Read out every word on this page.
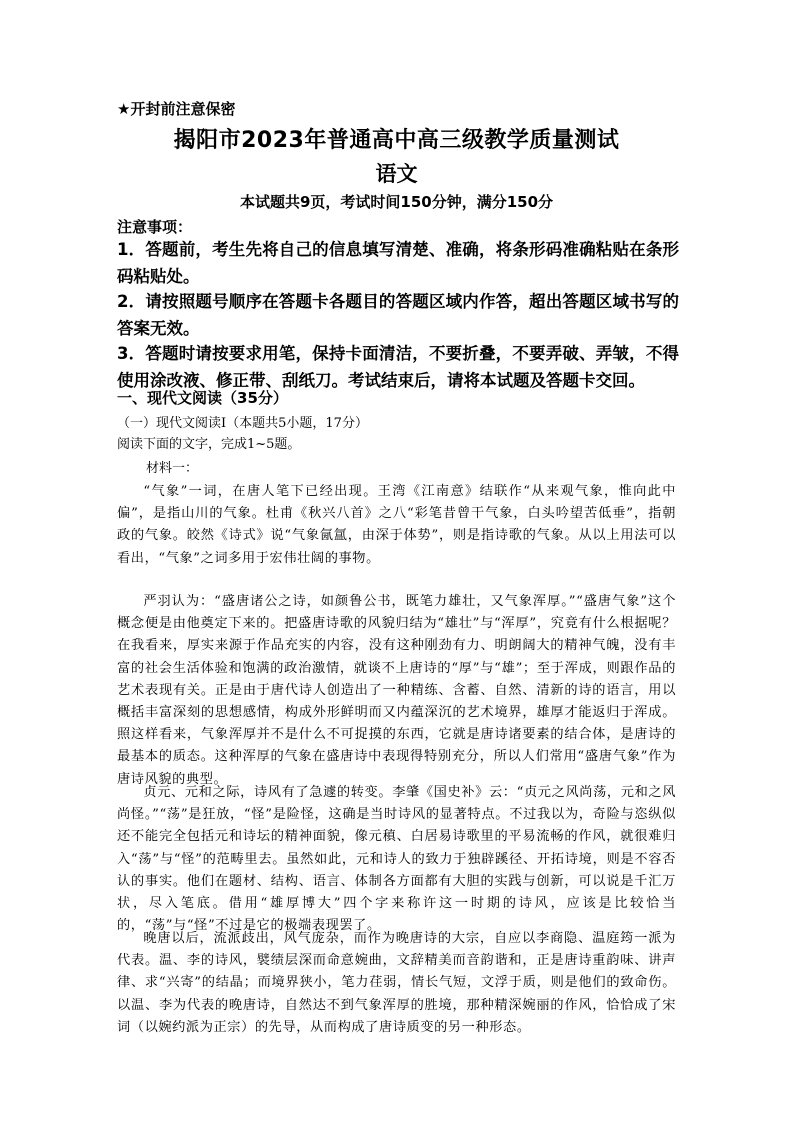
★开封前注意保密
揭阳市2023年普通高中高三级教学质量测试
语文
本试题共9页，考试时间150分钟，满分150分
注意事项：
1．答题前，考生先将自己的信息填写清楚、准确，将条形码准确粘贴在条形码粘贴处。
2．请按照题号顺序在答题卡各题目的答题区域内作答，超出答题区域书写的答案无效。
3．答题时请按要求用笔，保持卡面清洁，不要折叠，不要弄破、弄皱，不得使用涂改液、修正带、刮纸刀。考试结束后，请将本试题及答题卡交回。
一、现代文阅读（35分）
（一）现代文阅读Ⅰ（本题共5小题，17分）
阅读下面的文字，完成1~5题。
材料一：
“气象”一词，在唐人笔下已经出现。王湾《江南意》结联作“从来观气象，惟向此中偏”，是指山川的气象。杜甫《秋兴八首》之八“彩笔昔曾干气象，白头吟望苦低垂”，指朝政的气象。皎然《诗式》说“气象氤氲，由深于体势”，则是指诗歌的气象。从以上用法可以看出，“气象”之词多用于宏伟壮阔的事物。
严羽认为：“盛唐诸公之诗，如颜鲁公书，既笔力雄壮，又气象浑厚。”“盛唐气象”这个概念便是由他奠定下来的。把盛唐诗歌的风貌归结为“雄壮”与“浑厚”，究竟有什么根据呢？在我看来，厚实来源于作品充实的内容，没有这种刚劲有力、明朗阔大的精神气魄，没有丰富的社会生活体验和饱满的政治激情，就谈不上唐诗的“厚”与“雄”；至于浑成，则跟作品的艺术表现有关。正是由于唐代诗人创造出了一种精练、含蓄、自然、清新的诗的语言，用以概括丰富深刻的思想感情，构成外形鲜明而又内蕴深沉的艺术境界，雄厚才能返归于浑成。照这样看来，气象浑厚并不是什么不可捉摸的东西，它就是唐诗诸要素的结合体，是唐诗的最基本的质态。这种浑厚的气象在盛唐诗中表现得特别充分，所以人们常用“盛唐气象”作为唐诗风貌的典型。
贞元、元和之际，诗风有了急遽的转变。李肇《国史补》云：“贞元之风尚荡，元和之风尚怪。”“荡”是狂放，“怪”是险怪，这确是当时诗风的显著特点。不过我以为，奇险与恣纵似还不能完全包括元和诗坛的精神面貌，像元稹、白居易诗歌里的平易流畅的作风，就很难归入“荡”与“怪”的范畴里去。虽然如此，元和诗人的致力于独辟蹊径、开拓诗境，则是不容否认的事实。他们在题材、结构、语言、体制各方面都有大胆的实践与创新，可以说是千汇万状，尽入笔底。借用“雄厚博大”四个字来称许这一时期的诗风，应该是比较恰当的，“荡”与“怪”不过是它的极端表现罢了。
晚唐以后，流派歧出，风气庞杂，而作为晚唐诗的大宗，自应以李商隐、温庭筠一派为代表。温、李的诗风，襞绩层深而命意婉曲，文辞精美而音韵谐和，正是唐诗重韵味、讲声律、求“兴寄”的结晶；而境界狭小，笔力荏弱，情长气短，文浮于质，则是他们的致命伤。以温、李为代表的晚唐诗，自然达不到气象浑厚的胜境，那种精深婉丽的作风，恰恰成了宋词（以婉约派为正宗）的先导，从而构成了唐诗质变的另一种形态。
